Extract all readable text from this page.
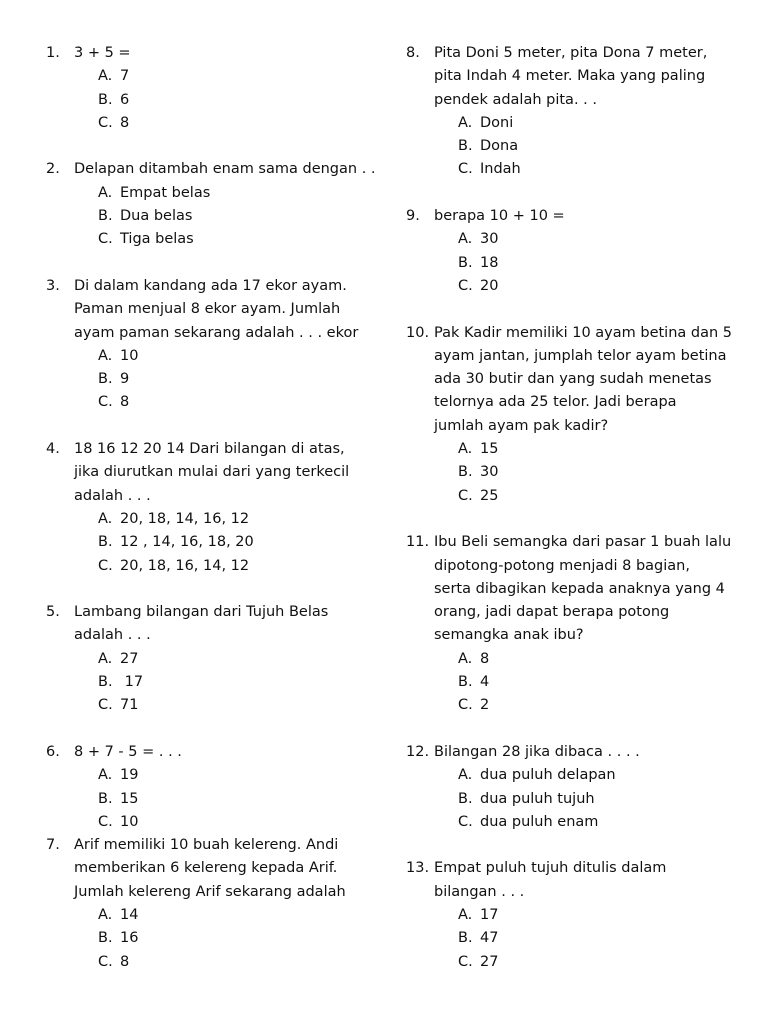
1. 3 + 5 =
A. 7
B. 6
C. 8
2. Delapan ditambah enam sama dengan . .
A. Empat belas
B. Dua belas
C. Tiga belas
3. Di dalam kandang ada 17 ekor ayam.
Paman menjual 8 ekor ayam. Jumlah
ayam paman sekarang adalah . . . ekor
A. 10
B. 9
C. 8
4. 18 16 12 20 14 Dari bilangan di atas,
jika diurutkan mulai dari yang terkecil
adalah . . .
A. 20, 18, 14, 16, 12
B. 12 , 14, 16, 18, 20
C. 20, 18, 16, 14, 12
5. Lambang bilangan dari Tujuh Belas
adalah . . .
A. 27
B. 17
C. 71
6. 8 + 7 - 5 = . . .
A. 19
B. 15
C. 10
7. Arif memiliki 10 buah kelereng. Andi
memberikan 6 kelereng kepada Arif.
Jumlah kelereng Arif sekarang adalah
A. 14
B. 16
C. 8
8. Pita Doni 5 meter, pita Dona 7 meter,
pita Indah 4 meter. Maka yang paling
pendek adalah pita. . .
A. Doni
B. Dona
C. Indah
9. berapa 10 + 10 =
A. 30
B. 18
C. 20
10. Pak Kadir memiliki 10 ayam betina dan 5
ayam jantan, jumplah telor ayam betina
ada 30 butir dan yang sudah menetas
telornya ada 25 telor. Jadi berapa
jumlah ayam pak kadir?
A. 15
B. 30
C. 25
11. Ibu Beli semangka dari pasar 1 buah lalu
dipotong-potong menjadi 8 bagian,
serta dibagikan kepada anaknya yang 4
orang, jadi dapat berapa potong
semangka anak ibu?
A. 8
B. 4
C. 2
12. Bilangan 28 jika dibaca . . . .
A. dua puluh delapan
B. dua puluh tujuh
C. dua puluh enam
13. Empat puluh tujuh ditulis dalam
bilangan . . .
A. 17
B. 47
C. 27
